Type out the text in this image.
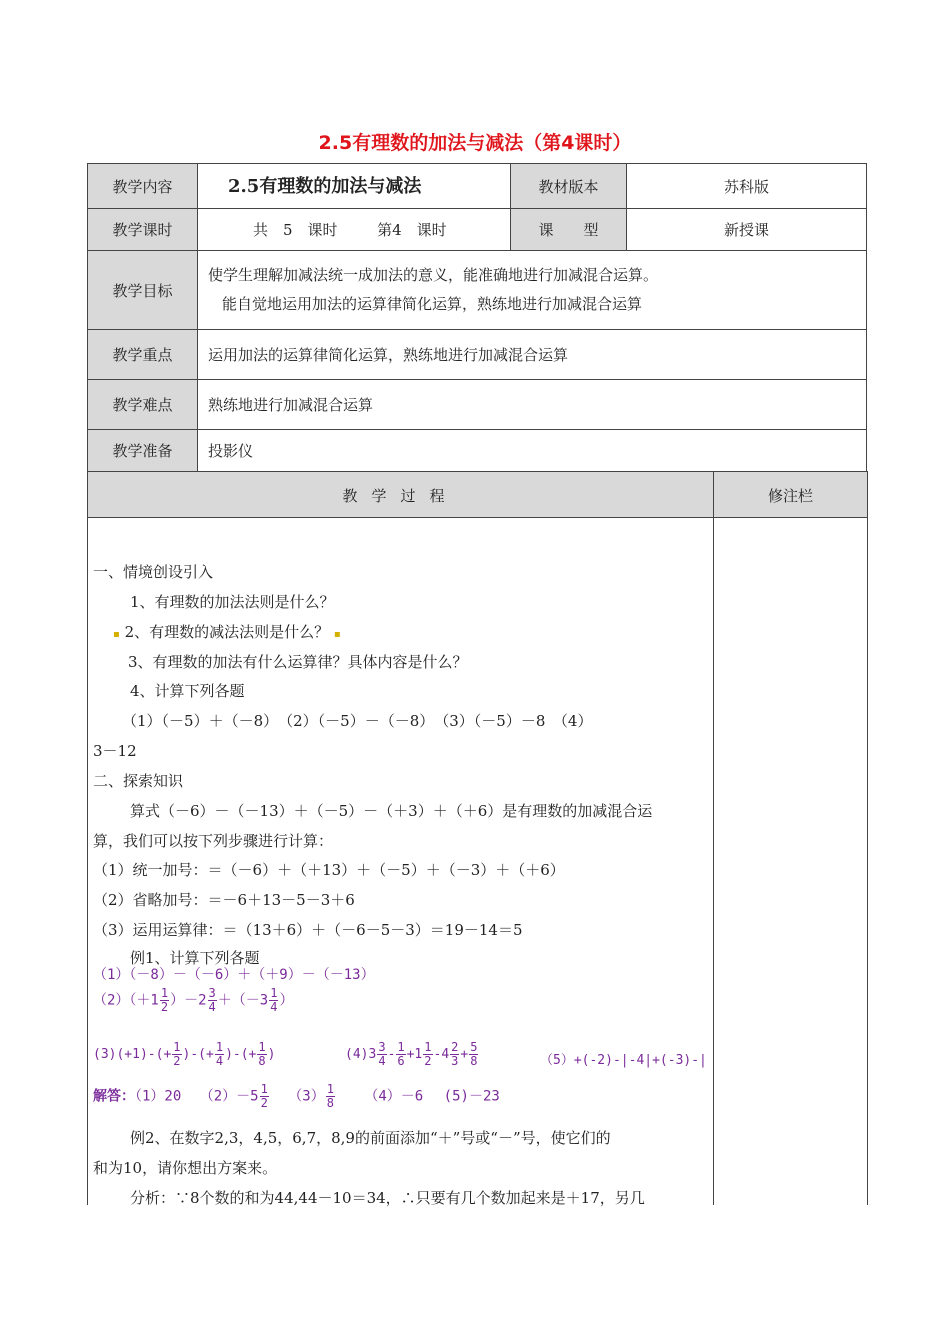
2.5有理数的加法与减法（第4课时）
教学内容	2.5有理数的加法与减法	教材版本	苏科版
教学课时	共　5　课时 第4　课时	课　　型	新授课
教学目标	使学生理解加减法统一成加法的意义，能准确地进行加减混合运算。
能自觉地运用加法的运算律简化运算，熟练地进行加减混合运算		

教学重点	运用加法的运算律简化运算，熟练地进行加减混合运算		
教学难点	熟练地进行加减混合运算		
教学准备	投影仪		
教学过程	修注栏
一、情境创设引入
1、有理数的加法法则是什么？
▪ 2、有理数的减法法则是什么？ ▪
3、有理数的加法有什么运算律？具体内容是什么？
4、计算下列各题
（1）（－5）＋（－8）　（2）（－5）－（－8）　（3）（－5）－8　（4）
3－12
二、探索知识
算式（－6）－（－13）＋（－5）－（＋3）＋（＋6）是有理数的加减混合运
算，我们可以按下列步骤进行计算：
（1）统一加号：＝（－6）＋（＋13）＋（－5）＋（－3）＋（＋6）
（2）省略加号：＝－6＋13－5－3＋6
（3）运用运算律：＝（13＋6）＋（－6－5－3）＝19－14＝5
例1、计算下列各题
（1）（－8）－（－6）＋（＋9）－（－13）
$(2)(+1 \frac{1}{2} )-2 \frac{3}{4} +(-3 \frac{1}{4}$ ）
$(3)(+1)-(+ \frac{1}{2}$ )-(+ $\frac{1}{4}$ )-(+ $\frac{1}{8}$ )	$(4)3 \frac{3}{4} - \frac{1}{6} +1 \frac{1}{2} -4 \frac{2}{3} + \frac{5}{8}$	（5）+(-2)-|-4|+(-3)-|
解答：（1）20 $(2)-5 \frac{1}{2} (3) \frac{1}{8} (4)-6$ (5)－23
例2、在数字2,3，4,5，6,7，8,9的前面添加“＋”号或“－”号，使它们的
和为10，请你想出方案来。
分析：∵8个数的和为44,44－10＝34，∴只要有几个数加起来是＋17，另几
